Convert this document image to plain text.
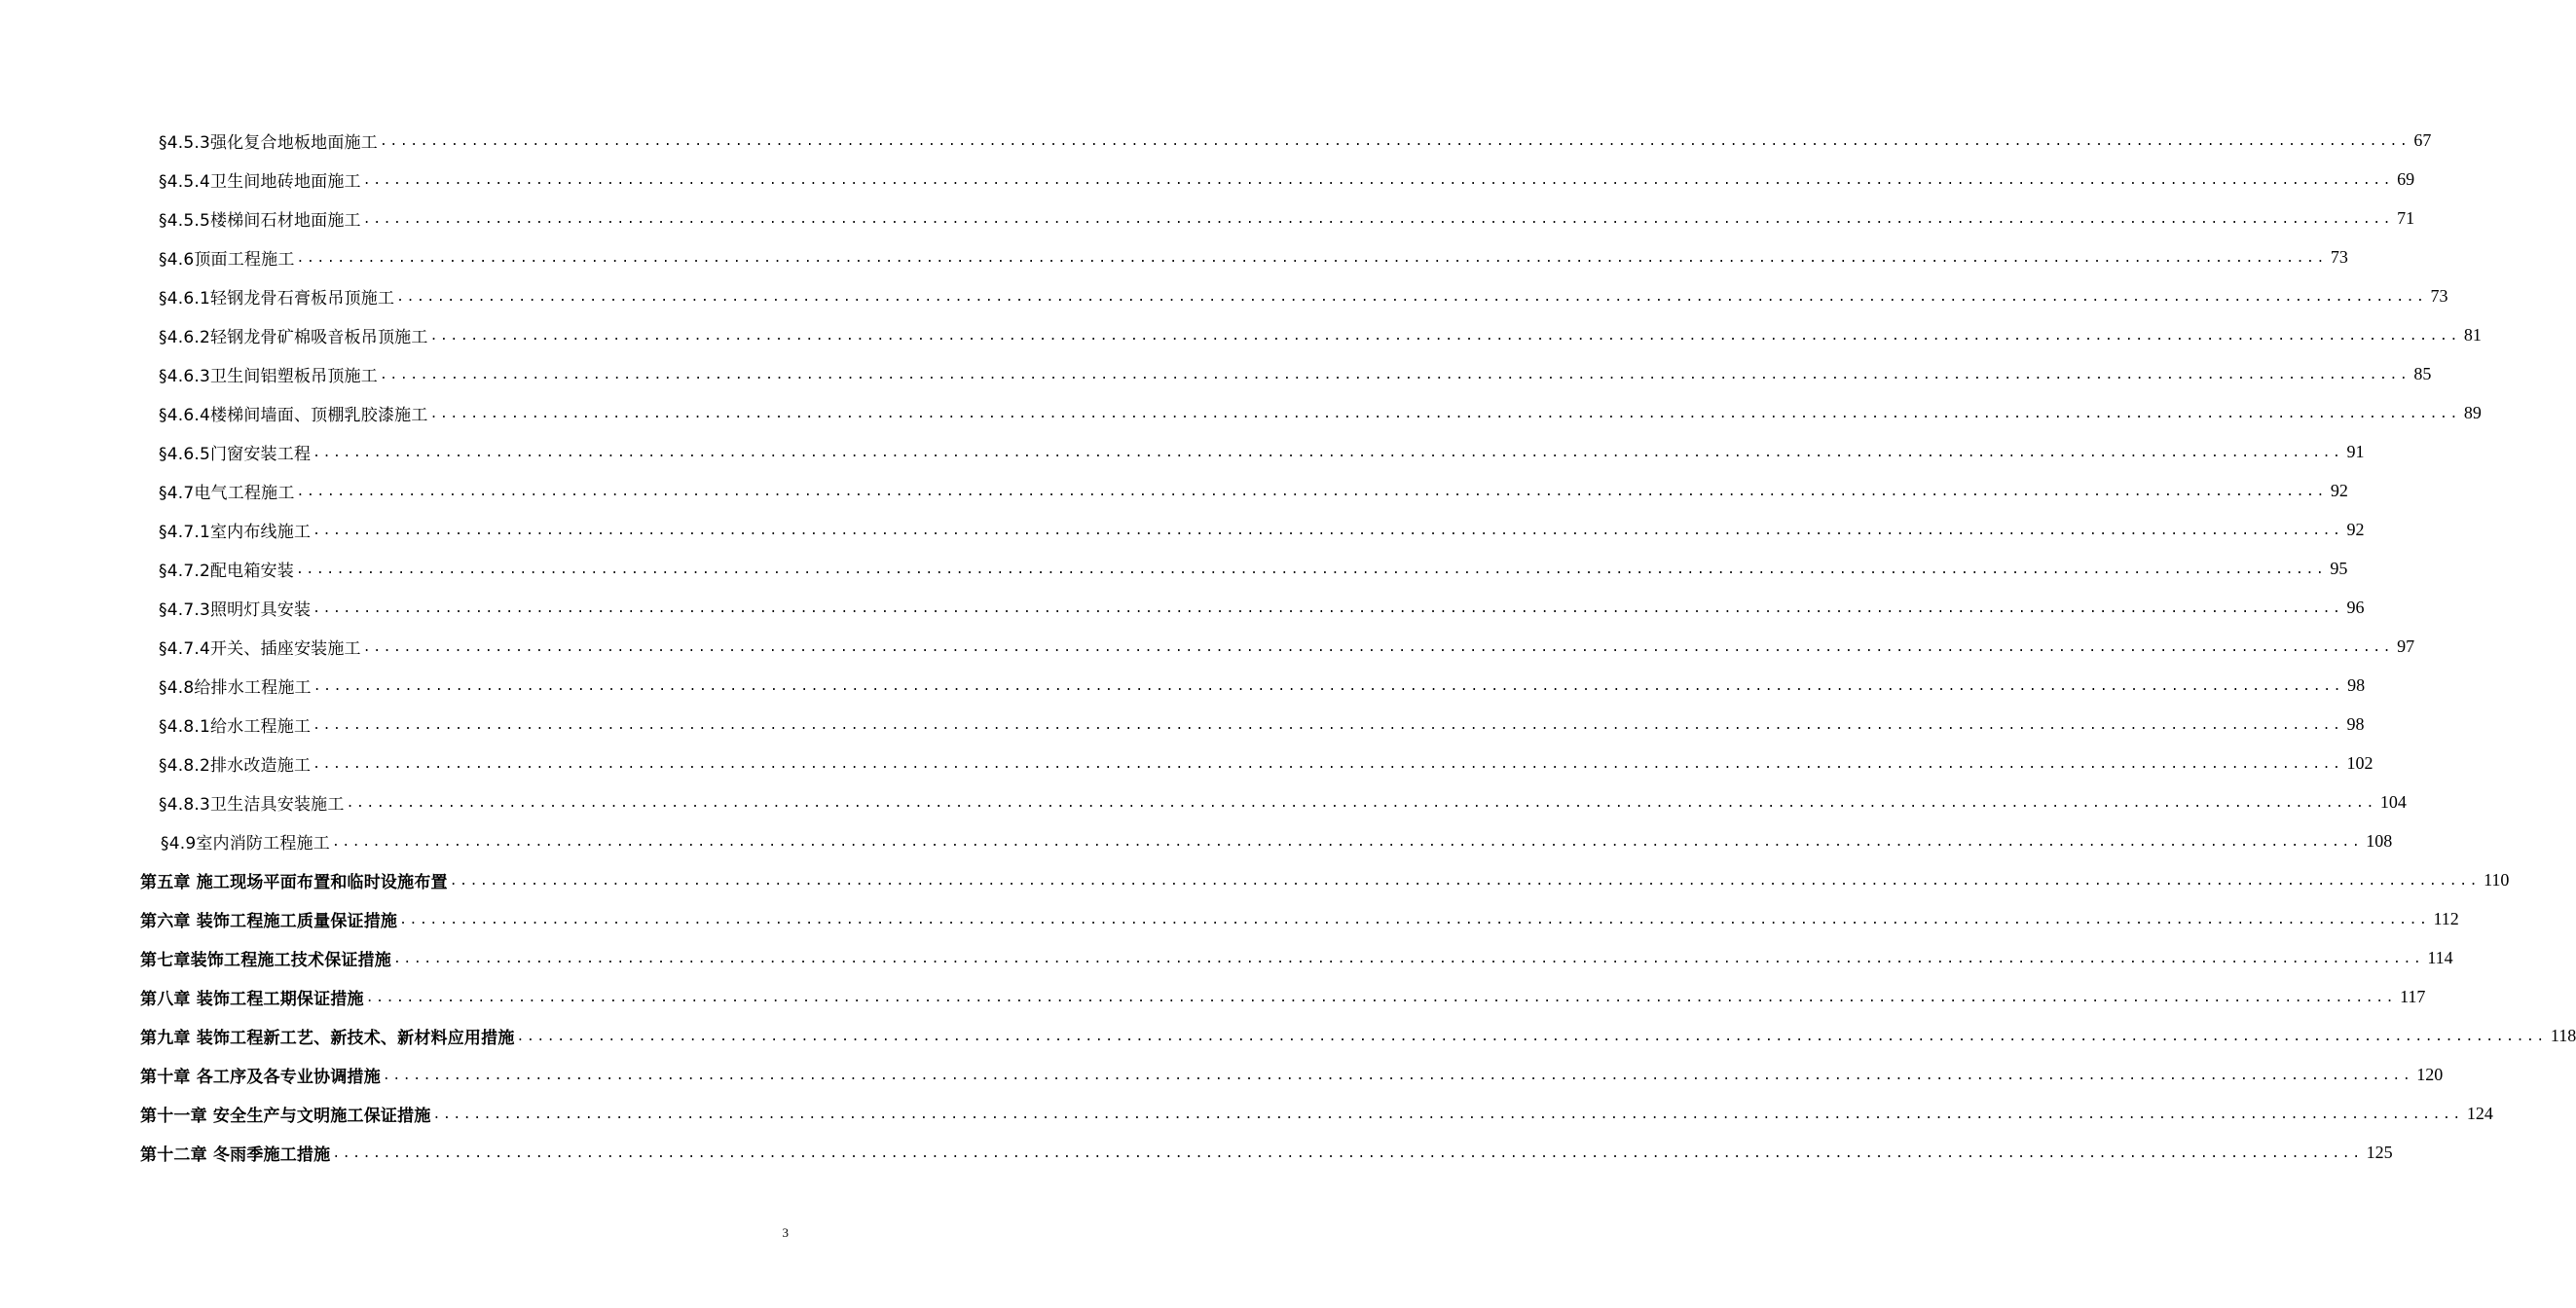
§4.5.3强化复合地板地面施工 ........................................................................................................................................................................................................ 67
§4.5.4卫生间地砖地面施工 ........................................................................................................................................................................................................ 69
§4.5.5楼梯间石材地面施工 ........................................................................................................................................................................................................ 71
§4.6顶面工程施工 ........................................................................................................................................................................................................ 73
§4.6.1轻钢龙骨石膏板吊顶施工 ........................................................................................................................................................................................................ 73
§4.6.2轻钢龙骨矿棉吸音板吊顶施工 ........................................................................................................................................................................................................ 81
§4.6.3卫生间铝塑板吊顶施工 ........................................................................................................................................................................................................ 85
§4.6.4楼梯间墙面、顶棚乳胶漆施工 ........................................................................................................................................................................................................ 89
§4.6.5门窗安装工程 ........................................................................................................................................................................................................ 91
§4.7电气工程施工 ........................................................................................................................................................................................................ 92
§4.7.1室内布线施工 ........................................................................................................................................................................................................ 92
§4.7.2配电箱安装 ........................................................................................................................................................................................................ 95
§4.7.3照明灯具安装 ........................................................................................................................................................................................................ 96
§4.7.4开关、插座安装施工 ........................................................................................................................................................................................................ 97
§4.8给排水工程施工 ........................................................................................................................................................................................................ 98
§4.8.1给水工程施工 ........................................................................................................................................................................................................ 98
§4.8.2排水改造施工 ........................................................................................................................................................................................................ 102
§4.8.3卫生洁具安装施工 ........................................................................................................................................................................................................ 104
§4.9室内消防工程施工 ........................................................................................................................................................................................................ 108
第五章 施工现场平面布置和临时设施布置 ........................................................................................................................................................................................................ 110
第六章 装饰工程施工质量保证措施 ........................................................................................................................................................................................................ 112
第七章装饰工程施工技术保证措施 ........................................................................................................................................................................................................ 114
第八章 装饰工程工期保证措施 ........................................................................................................................................................................................................ 117
第九章 装饰工程新工艺、新技术、新材料应用措施 ........................................................................................................................................................................................................ 118
第十章 各工序及各专业协调措施 ........................................................................................................................................................................................................ 120
第十一章 安全生产与文明施工保证措施 ........................................................................................................................................................................................................ 124
第十二章 冬雨季施工措施 ........................................................................................................................................................................................................ 125
3
